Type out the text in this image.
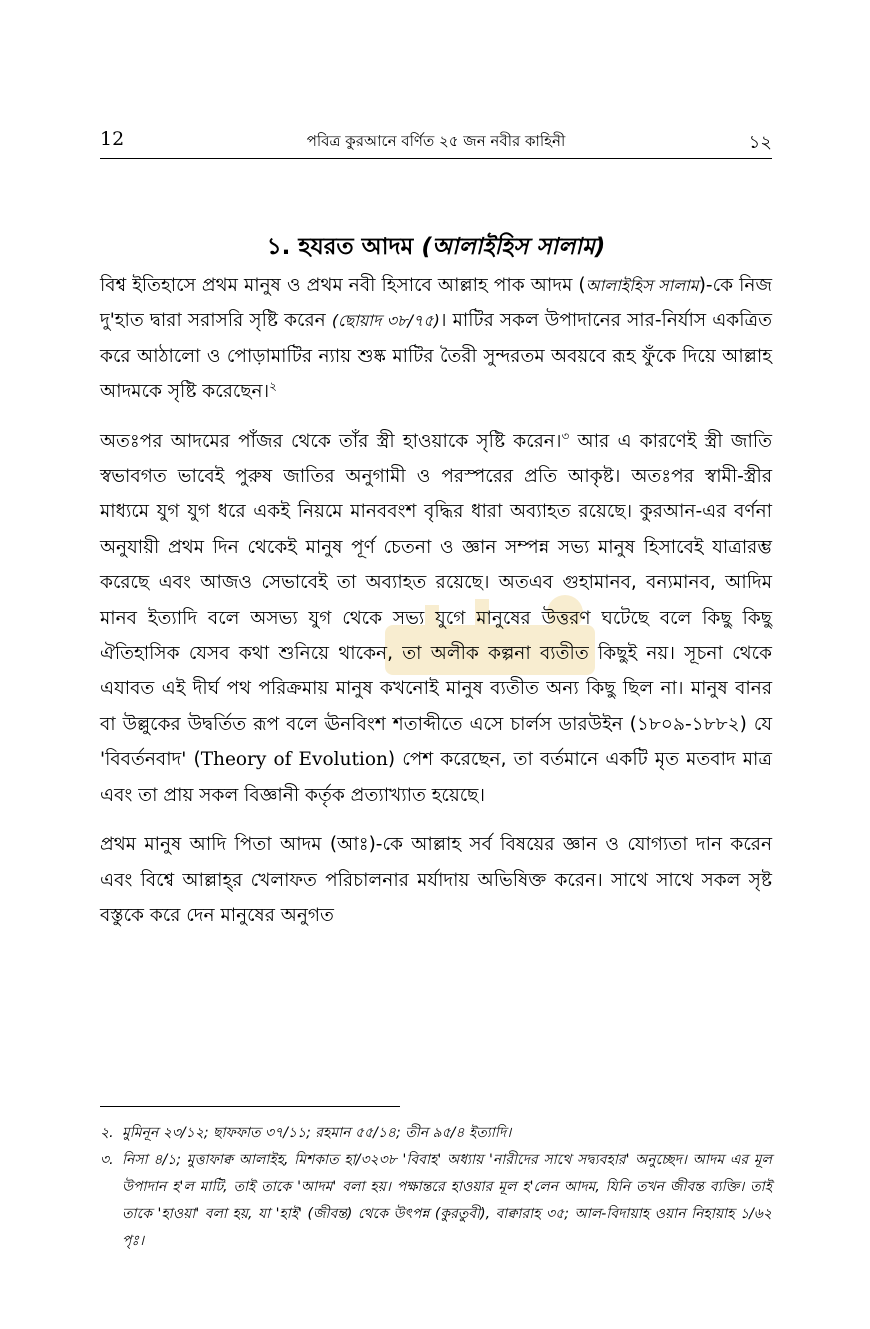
12	পবিত্র কুরআনে বর্ণিত ২৫ জন নবীর কাহিনী	১২
১. হযরত আদম (আলাইহিস সালাম)

বিশ্ব ইতিহাসে প্রথম মানুষ ও প্রথম নবী হিসাবে আল্লাহ পাক আদম (আলাইহিস সালাম)-কে নিজ দু'হাত দ্বারা সরাসরি সৃষ্টি করেন (ছোয়াদ ৩৮/৭৫)। মাটির সকল উপাদানের সার-নির্যাস একত্রিত করে আঠালো ও পোড়ামাটির ন্যায় শুষ্ক মাটির তৈরী সুন্দরতম অবয়বে রূহ ফুঁকে দিয়ে আল্লাহ আদমকে সৃষ্টি করেছেন।$^২$

অতঃপর আদমের পাঁজর থেকে তাঁর স্ত্রী হাওয়াকে সৃষ্টি করেন।$^৩$ আর এ কারণেই স্ত্রী জাতি স্বভাবগত ভাবেই পুরুষ জাতির অনুগামী ও পরস্পরের প্রতি আকৃষ্ট। অতঃপর স্বামী-স্ত্রীর মাধ্যমে যুগ যুগ ধরে একই নিয়মে মানববংশ বৃদ্ধির ধারা অব্যাহত রয়েছে। কুরআন-এর বর্ণনা অনুযায়ী প্রথম দিন থেকেই মানুষ পূর্ণ চেতনা ও জ্ঞান সম্পন্ন সভ্য মানুষ হিসাবেই যাত্রারম্ভ করেছে এবং আজও সেভাবেই তা অব্যাহত রয়েছে। অতএব গুহামানব, বন্যমানব, আদিম মানব ইত্যাদি বলে অসভ্য যুগ থেকে সভ্য যুগে মানুষের উত্তরণ ঘটেছে বলে কিছু কিছু ঐতিহাসিক যেসব কথা শুনিয়ে থাকেন, তা অলীক কল্পনা ব্যতীত কিছুই নয়। সূচনা থেকে এযাবত এই দীর্ঘ পথ পরিক্রমায় মানুষ কখনোই মানুষ ব্যতীত অন্য কিছু ছিল না। মানুষ বানর বা উল্লুকের উদ্বর্তিত রূপ বলে ঊনবিংশ শতাব্দীতে এসে চার্লস ডারউইন (১৮০৯-১৮৮২) যে 'বিবর্তনবাদ' (Theory of Evolution) পেশ করেছেন, তা বর্তমানে একটি মৃত মতবাদ মাত্র এবং তা প্রায় সকল বিজ্ঞানী কর্তৃক প্রত্যাখ্যাত হয়েছে।

প্রথম মানুষ আদি পিতা আদম (আঃ)-কে আল্লাহ সর্ব বিষয়ের জ্ঞান ও যোগ্যতা দান করেন এবং বিশ্বে আল্লাহ্‌র খেলাফত পরিচালনার মর্যাদায় অভিষিক্ত করেন। সাথে সাথে সকল সৃষ্ট বস্তুকে করে দেন মানুষের অনুগত

২. মুমিনূন ২৩/১২; ছাফফাত ৩৭/১১; রহমান ৫৫/১৪; তীন ৯৫/৪ ইত্যাদি।
৩. নিসা ৪/১; মুত্তাফাক্ব আলাইহ, মিশকাত হা/৩২৩৮ 'বিবাহ' অধ্যায় 'নারীদের সাথে সদ্ব্যবহার' অনুচ্ছেদ। আদম এর মূল উপাদান হ'ল মাটি, তাই তাকে 'আদম' বলা হয়। পক্ষান্তরে হাওয়ার মূল হ'লেন আদম, যিনি তখন জীবন্ত ব্যক্তি। তাই তাকে 'হাওয়া' বলা হয়, যা 'হাই' (জীবন্ত) থেকে উৎপন্ন (কুরতুবী), বাক্বারাহ ৩৫; আল-বিদায়াহ ওয়ান নিহায়াহ ১/৬২ পৃঃ।
